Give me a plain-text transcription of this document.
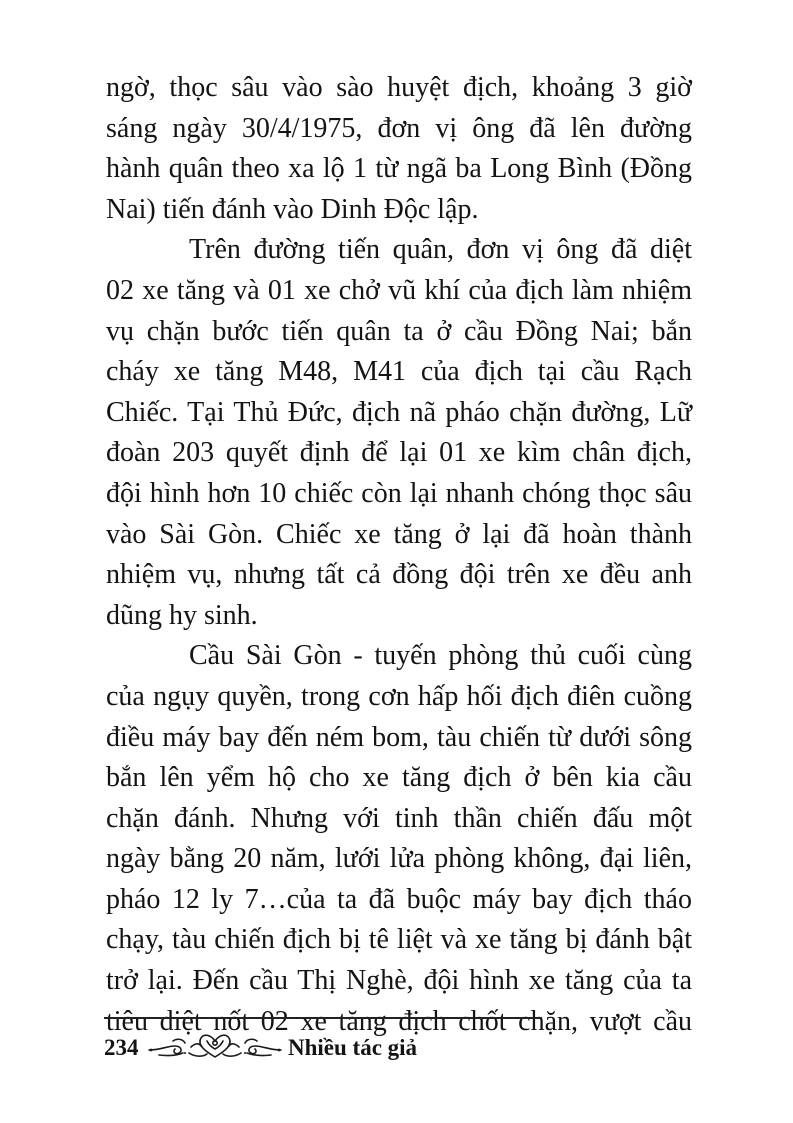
ngờ, thọc sâu vào sào huyệt địch, khoảng 3 giờ
sáng ngày 30/4/1975, đơn vị ông đã lên đường
hành quân theo xa lộ 1 từ ngã ba Long Bình (Đồng
Nai) tiến đánh vào Dinh Độc lập.
Trên đường tiến quân, đơn vị ông đã diệt
02 xe tăng và 01 xe chở vũ khí của địch làm nhiệm
vụ chặn bước tiến quân ta ở cầu Đồng Nai; bắn
cháy xe tăng M48, M41 của địch tại cầu Rạch
Chiếc. Tại Thủ Đức, địch nã pháo chặn đường, Lữ
đoàn 203 quyết định để lại 01 xe kìm chân địch,
đội hình hơn 10 chiếc còn lại nhanh chóng thọc sâu
vào Sài Gòn. Chiếc xe tăng ở lại đã hoàn thành
nhiệm vụ, nhưng tất cả đồng đội trên xe đều anh
dũng hy sinh.
Cầu Sài Gòn - tuyến phòng thủ cuối cùng
của ngụy quyền, trong cơn hấp hối địch điên cuồng
điều máy bay đến ném bom, tàu chiến từ dưới sông
bắn lên yểm hộ cho xe tăng địch ở bên kia cầu
chặn đánh. Nhưng với tinh thần chiến đấu một
ngày bằng 20 năm, lưới lửa phòng không, đại liên,
pháo 12 ly 7…của ta đã buộc máy bay địch tháo
chạy, tàu chiến địch bị tê liệt và xe tăng bị đánh bật
trở lại. Đến cầu Thị Nghè, đội hình xe tăng của ta
tiêu diệt nốt 02 xe tăng địch chốt chặn, vượt cầu
234	Nhiều tác giả
